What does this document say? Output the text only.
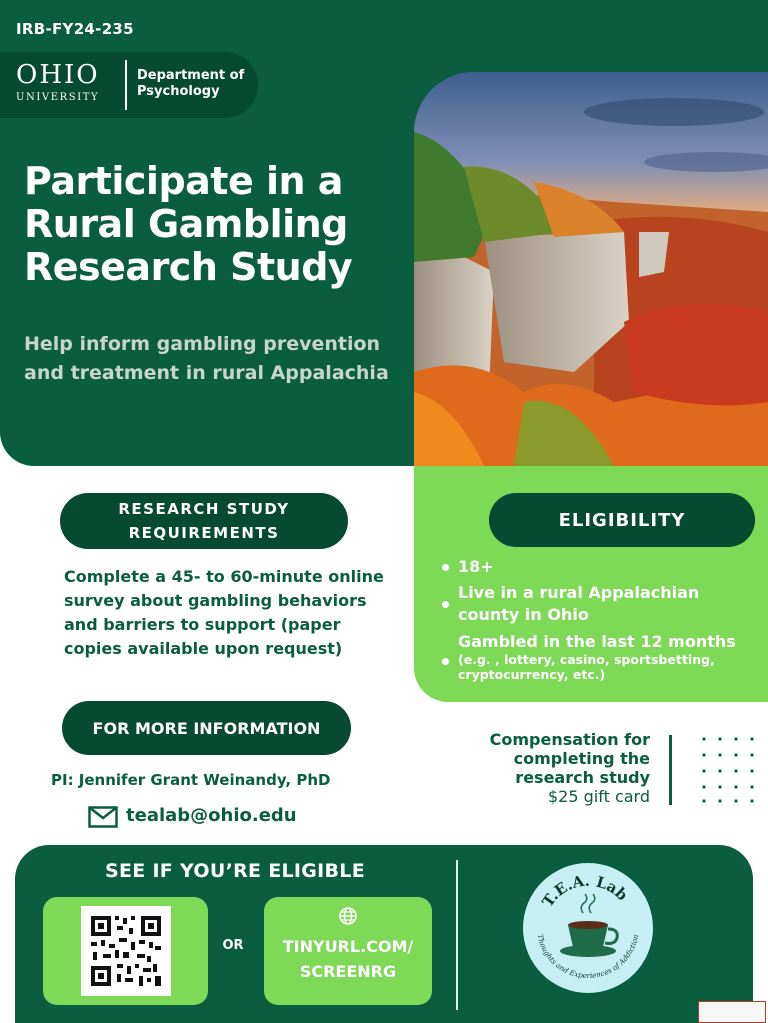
IRB-FY24-235
OHIO
UNIVERSITY
Department of Psychology
Participate in a Rural Gambling Research Study
Help inform gambling prevention and treatment in rural Appalachia
RESEARCH STUDY REQUIREMENTS
Complete a 45- to 60-minute online survey about gambling behaviors and barriers to support (paper copies available upon request)
ELIGIBILITY
18+
Live in a rural Appalachian county in Ohio
Gambled in the last 12 months
(e.g. , lottery, casino, sportsbetting, cryptocurrency, etc.)
FOR MORE INFORMATION
PI: Jennifer Grant Weinandy, PhD
tealab@ohio.edu
Compensation for completing the research study
$25 gift card
SEE IF YOU’RE ELIGIBLE
OR	TINYURL.COM/
SCREENRG
T.E.A. Lab
Thoughts and Experiences of Addiction
